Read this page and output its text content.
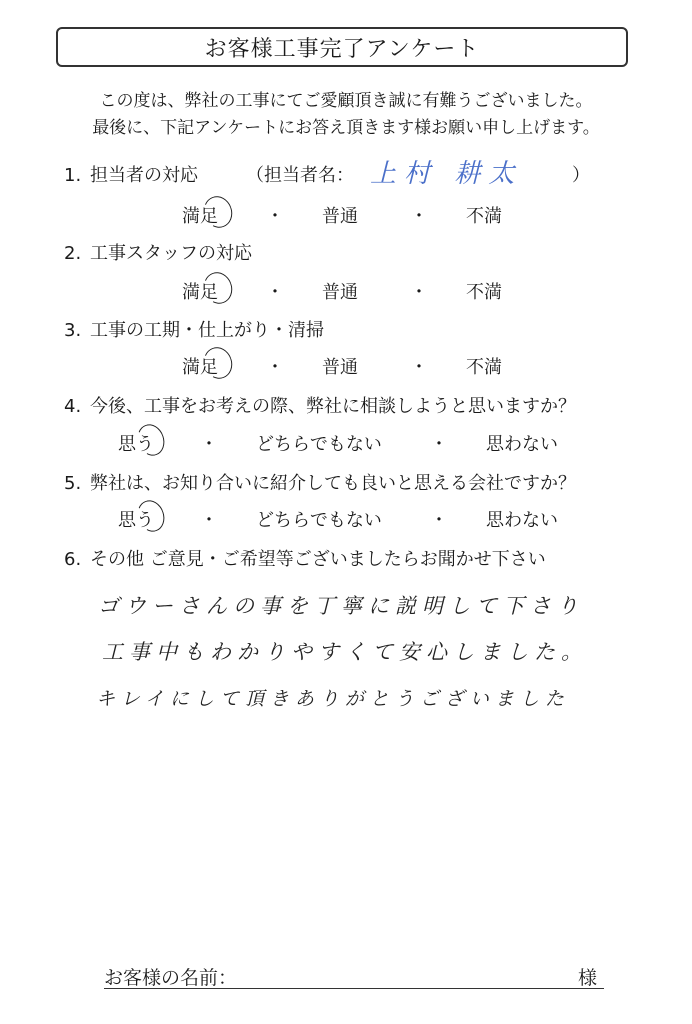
お客様工事完了アンケート
この度は、弊社の工事にてご愛顧頂き誠に有難うございました。
最後に、下記アンケートにお答え頂きます様お願い申し上げます。
1. 担当者の対応	（担当者名： 上村 耕太	）
満足	・ 普通	・ 不満
2. 工事スタッフの対応
満足	・ 普通	・ 不満
3. 工事の工期・仕上がり・清掃
満足	・ 普通	・ 不満
4. 今後、工事をお考えの際、弊社に相談しようと思いますか？
思う	・ どちらでもない	・ 思わない
5. 弊社は、お知り合いに紹介しても良いと思える会社ですか？
思う	・ どちらでもない	・ 思わない
6. その他 ご意見・ご希望等ございましたらお聞かせ下さい
ゴウーさんの事を丁寧に説明して下さり
工事中もわかりやすくて安心しました。
キレイにして頂きありがとうございました
お客様の名前：	様
